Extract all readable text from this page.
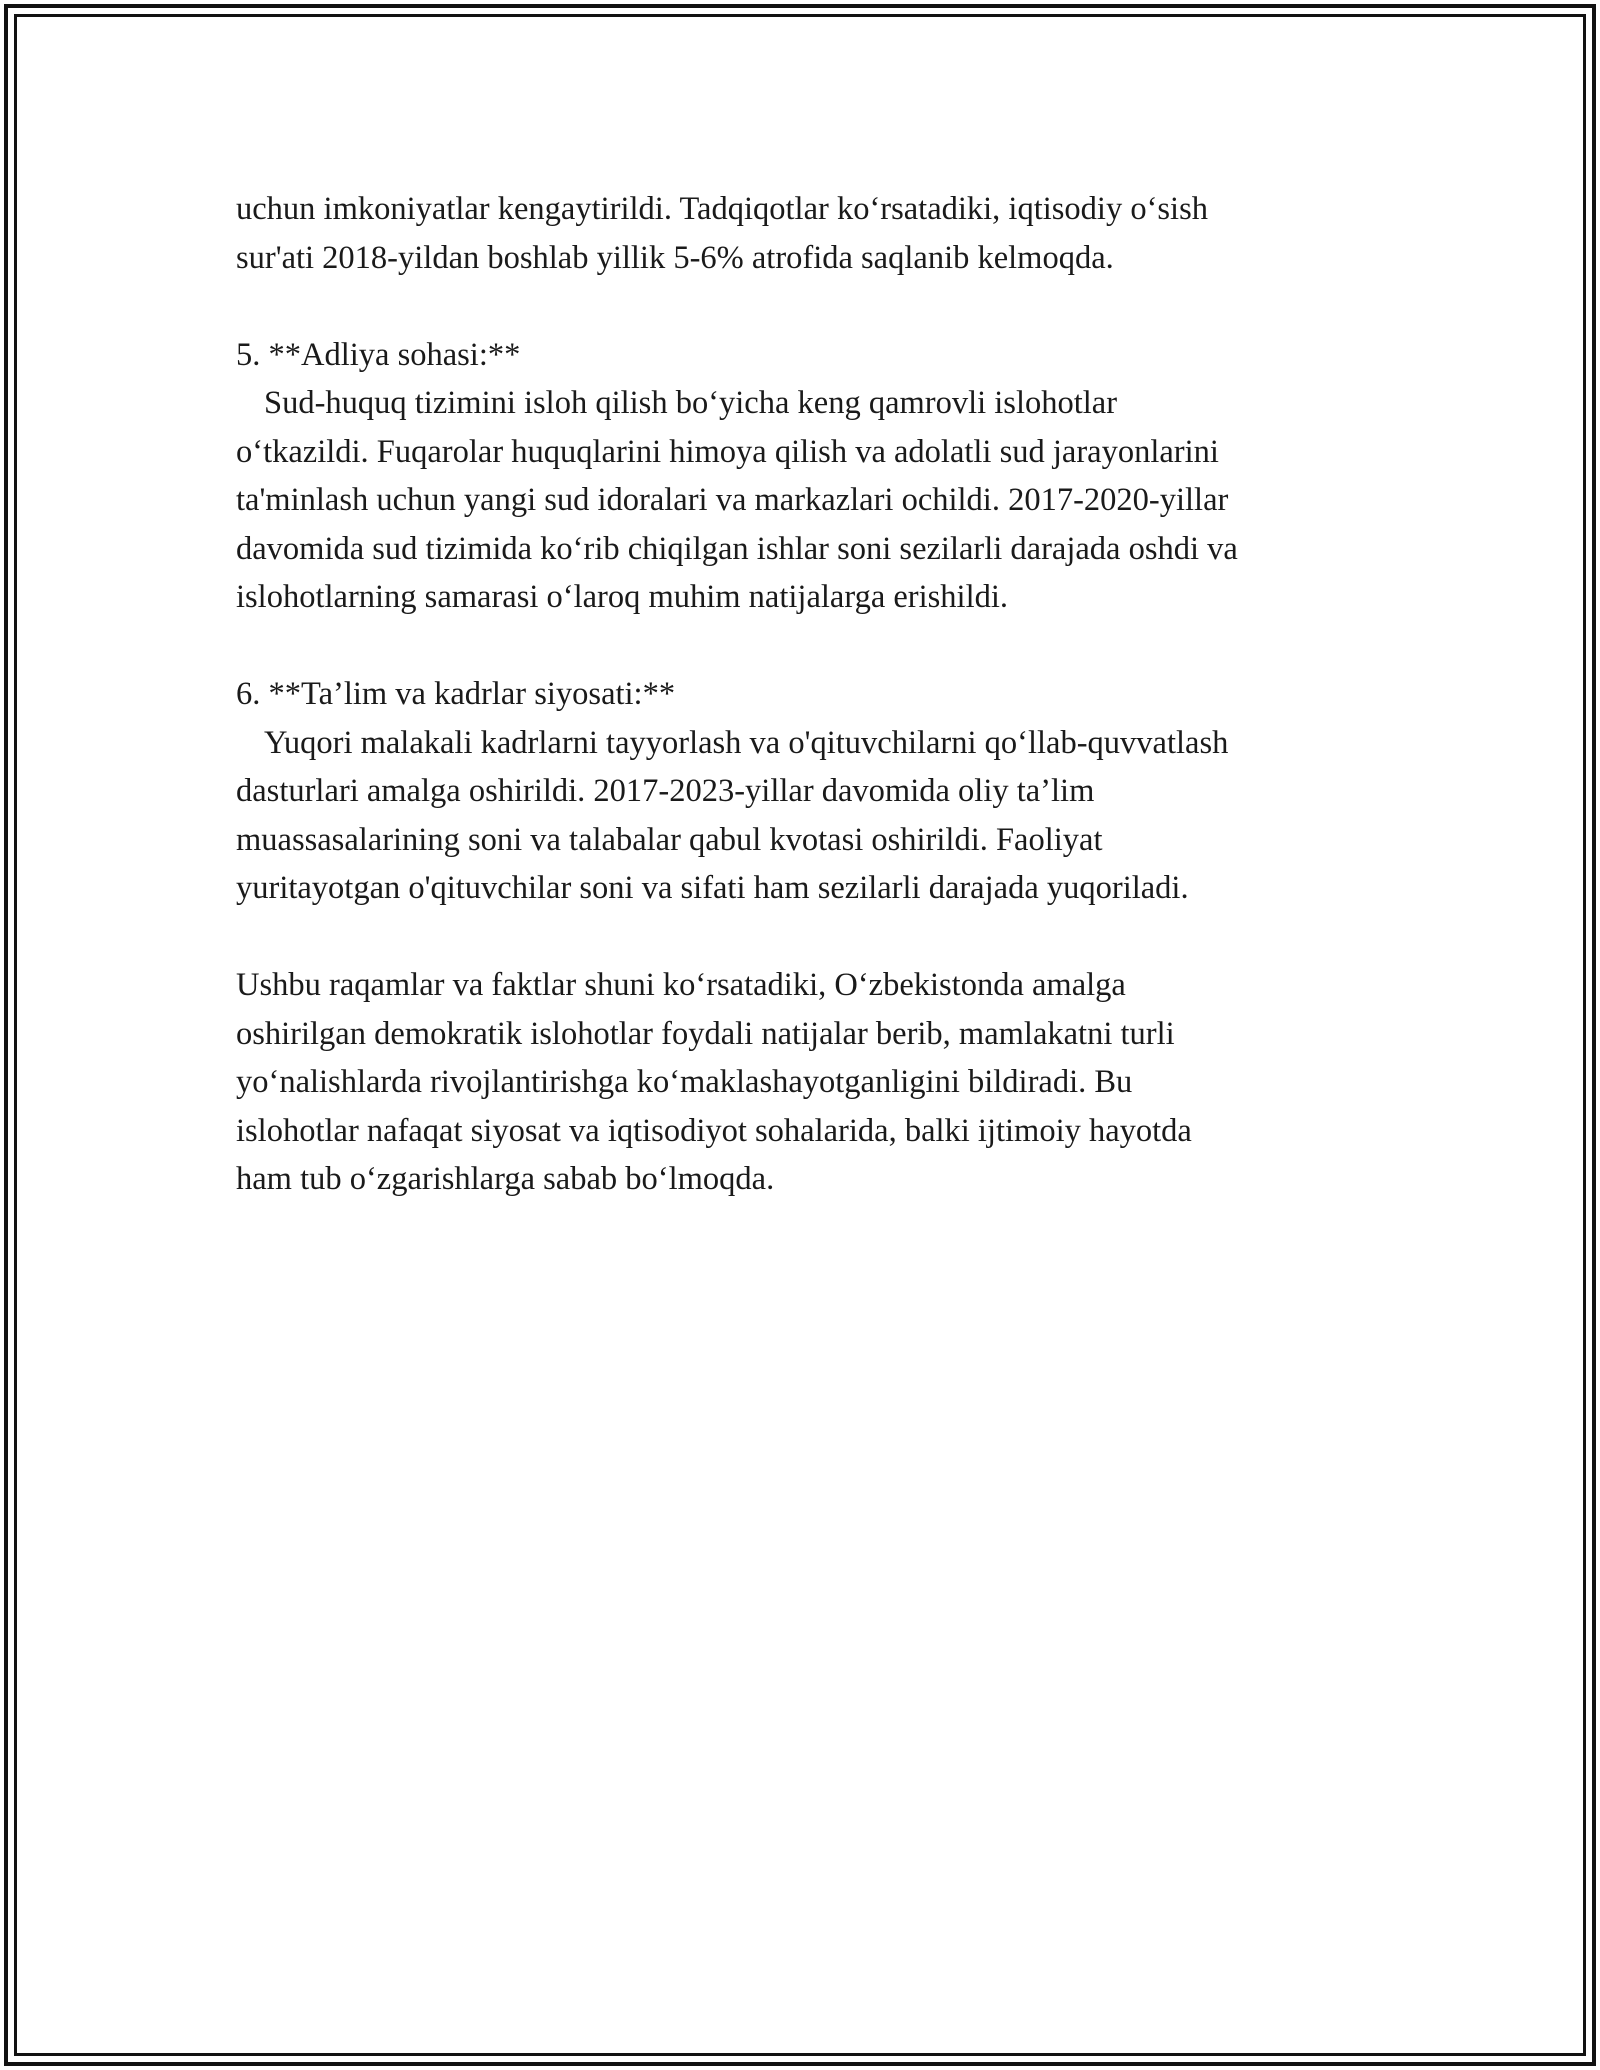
uchun imkoniyatlar kengaytirildi. Tadqiqotlar ko‘rsatadiki, iqtisodiy o‘sish
sur'ati 2018-yildan boshlab yillik 5-6% atrofida saqlanib kelmoqda.

5. **Adliya sohasi:**
Sud-huquq tizimini isloh qilish bo‘yicha keng qamrovli islohotlar
o‘tkazildi. Fuqarolar huquqlarini himoya qilish va adolatli sud jarayonlarini
ta'minlash uchun yangi sud idoralari va markazlari ochildi. 2017-2020-yillar
davomida sud tizimida ko‘rib chiqilgan ishlar soni sezilarli darajada oshdi va
islohotlarning samarasi o‘laroq muhim natijalarga erishildi.
6. **Ta’lim va kadrlar siyosati:**
Yuqori malakali kadrlarni tayyorlash va o'qituvchilarni qo‘llab-quvvatlash
dasturlari amalga oshirildi. 2017-2023-yillar davomida oliy ta’lim
muassasalarining soni va talabalar qabul kvotasi oshirildi. Faoliyat
yuritayotgan o'qituvchilar soni va sifati ham sezilarli darajada yuqoriladi.

Ushbu raqamlar va faktlar shuni ko‘rsatadiki, O‘zbekistonda amalga
oshirilgan demokratik islohotlar foydali natijalar berib, mamlakatni turli
yo‘nalishlarda rivojlantirishga ko‘maklashayotganligini bildiradi. Bu
islohotlar nafaqat siyosat va iqtisodiyot sohalarida, balki ijtimoiy hayotda
ham tub o‘zgarishlarga sabab bo‘lmoqda.
